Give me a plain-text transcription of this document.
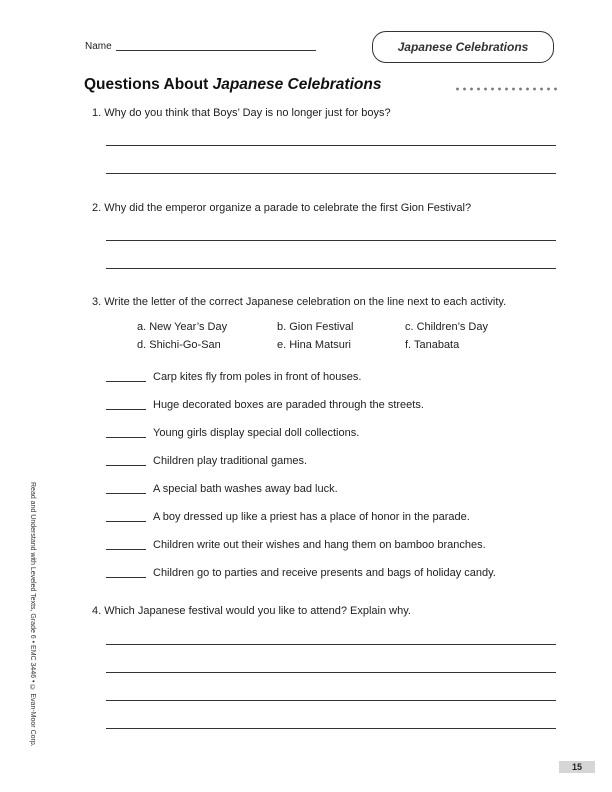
Name	Japanese Celebrations
Questions About Japanese Celebrations
1. Why do you think that Boys’ Day is no longer just for boys?
2. Why did the emperor organize a parade to celebrate the first Gion Festival?
3. Write the letter of the correct Japanese celebration on the line next to each activity.
a. New Year’s Day	b. Gion Festival	c. Children’s Day
d. Shichi-Go-San	e. Hina Matsuri	f. Tanabata
Carp kites fly from poles in front of houses.
Huge decorated boxes are paraded through the streets.
Young girls display special doll collections.
Children play traditional games.
A special bath washes away bad luck.
A boy dressed up like a priest has a place of honor in the parade.
Children write out their wishes and hang them on bamboo branches.
Children go to parties and receive presents and bags of holiday candy.
4. Which Japanese festival would you like to attend? Explain why.
Read and Understand with Leveled Texts, Grade 6 • EMC 3446 • © Evan-Moor Corp.
15
